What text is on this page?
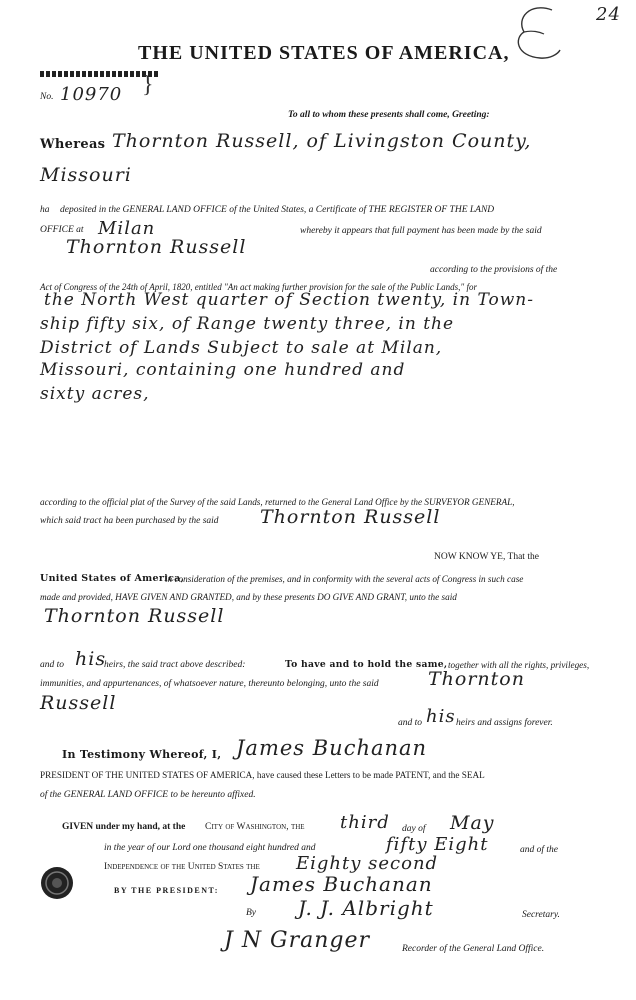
24
THE UNITED STATES OF AMERICA,
No. 10970 }
To all to whom these presents shall come, Greeting:
Whereas Thornton Russell, of Livingston County,
Missouri
ha deposited in the GENERAL LAND OFFICE of the United States, a Certificate of THE REGISTER OF THE LAND
OFFICE at Milan	whereby it appears that full payment has been made by the said
Thornton Russell
according to the provisions of the
Act of Congress of the 24th of April, 1820, entitled "An act making further provision for the sale of the Public Lands," for
the North West quarter of Section twenty, in Town-
ship fifty six, of Range twenty three, in the
District of Lands Subject to sale at Milan,
Missouri, containing one hundred and
sixty acres,
according to the official plat of the Survey of the said Lands, returned to the General Land Office by the SURVEYOR GENERAL,
which said tract ha been purchased by the said Thornton Russell
NOW KNOW YE, That the
United States of America,
in consideration of the premises, and in conformity with the several acts of Congress in such case
made and provided, HAVE GIVEN AND GRANTED, and by these presents DO GIVE AND GRANT, unto the said
Thornton Russell
and to his
heirs, the said tract above described:	To have and to hold the same, together with all the rights, privileges,
immunities, and appurtenances, of whatsoever nature, thereunto belonging, unto the said	Thornton
Russell
and to his heirs and assigns forever.
In Testimony Whereof, I, James Buchanan
PRESIDENT OF THE UNITED STATES OF AMERICA, have caused these Letters to be made PATENT, and the SEAL
of the GENERAL LAND OFFICE to be hereunto affixed.
GIVEN under my hand, at the City of Washington, the third day of May
in the year of our Lord one thousand eight hundred and	fifty Eight	and of the
Independence of the United States the Eighty second
BY THE PRESIDENT: James Buchanan
By J. J. Albright	Secretary.
J N Granger	Recorder of the General Land Office.
